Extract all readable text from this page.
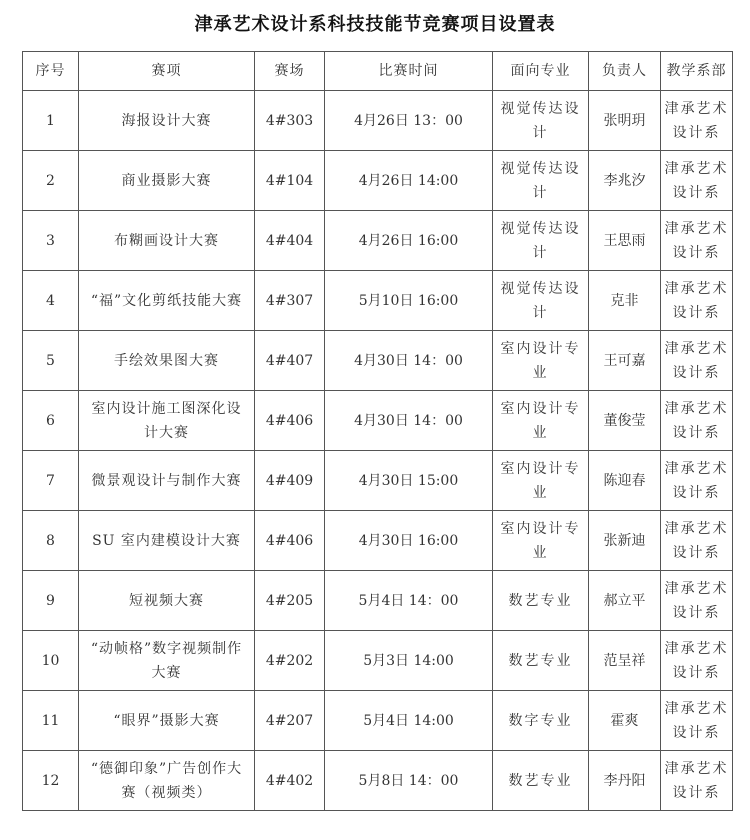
津承艺术设计系科技技能节竞赛项目设置表
序号	赛项	赛场	比赛时间	面向专业	负责人	教学系部
1	海报设计大赛	4#303	4月26日 13：00	视觉传达设计	张明玥	津承艺术设计系
2	商业摄影大赛	4#104	4月26日 14:00	视觉传达设计	李兆汐	津承艺术设计系
3	布糊画设计大赛	4#404	4月26日 16:00	视觉传达设计	王思雨	津承艺术设计系
4	“福”文化剪纸技能大赛	4#307	5月10日 16:00	视觉传达设计	克非	津承艺术设计系
5	手绘效果图大赛	4#407	4月30日 14：00	室内设计专业	王可嘉	津承艺术设计系
6	室内设计施工图深化设计大赛	4#406	4月30日 14：00	室内设计专业	董俊莹	津承艺术设计系
7	微景观设计与制作大赛	4#409	4月30日 15:00	室内设计专业	陈迎春	津承艺术设计系
8	SU 室内建模设计大赛	4#406	4月30日 16:00	室内设计专业	张新迪	津承艺术设计系
9	短视频大赛	4#205	5月4日 14：00	数艺专业	郝立平	津承艺术设计系
10	“动帧格”数字视频制作大赛	4#202	5月3日 14:00	数艺专业	范呈祥	津承艺术设计系
11	“眼界”摄影大赛	4#207	5月4日 14:00	数字专业	霍爽	津承艺术设计系
12	“德御印象”广告创作大赛（视频类）	4#402	5月8日 14：00	数艺专业	李丹阳	津承艺术设计系
